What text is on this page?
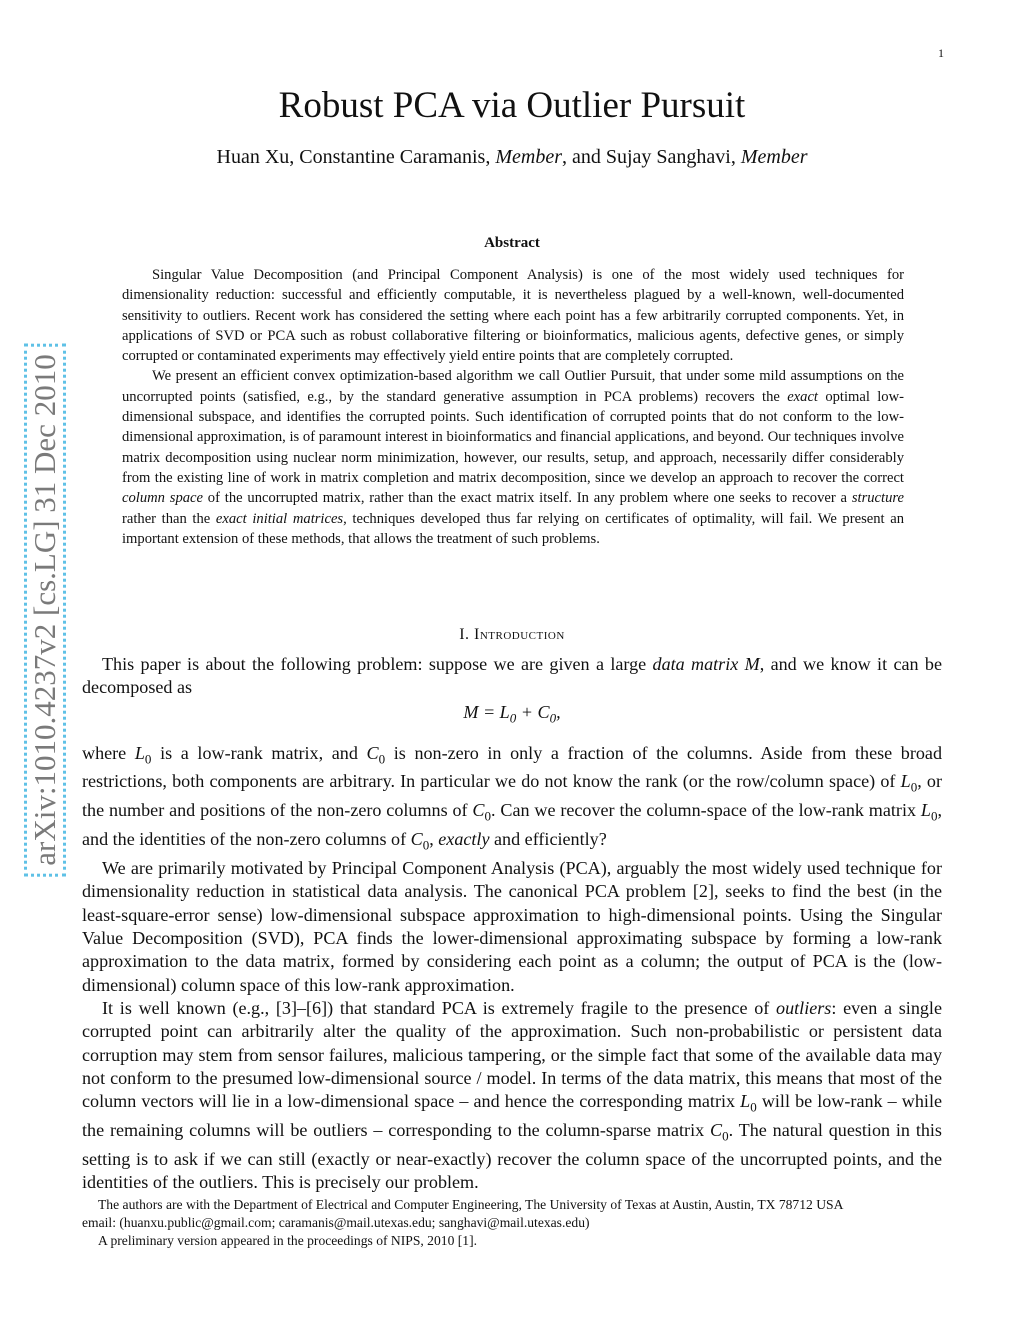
1
arXiv:1010.4237v2 [cs.LG] 31 Dec 2010
Robust PCA via Outlier Pursuit
Huan Xu, Constantine Caramanis, Member, and Sujay Sanghavi, Member
Abstract

Singular Value Decomposition (and Principal Component Analysis) is one of the most widely used techniques for dimensionality reduction: successful and efficiently computable, it is nevertheless plagued by a well-known, well-documented sensitivity to outliers. Recent work has considered the setting where each point has a few arbitrarily corrupted components. Yet, in applications of SVD or PCA such as robust collaborative filtering or bioinformatics, malicious agents, defective genes, or simply corrupted or contaminated experiments may effectively yield entire points that are completely corrupted.

We present an efficient convex optimization-based algorithm we call Outlier Pursuit, that under some mild assumptions on the uncorrupted points (satisfied, e.g., by the standard generative assumption in PCA problems) recovers the exact optimal low-dimensional subspace, and identifies the corrupted points. Such identification of corrupted points that do not conform to the low-dimensional approximation, is of paramount interest in bioinformatics and financial applications, and beyond. Our techniques involve matrix decomposition using nuclear norm minimization, however, our results, setup, and approach, necessarily differ considerably from the existing line of work in matrix completion and matrix decomposition, since we develop an approach to recover the correct column space of the uncorrupted matrix, rather than the exact matrix itself. In any problem where one seeks to recover a structure rather than the exact initial matrices, techniques developed thus far relying on certificates of optimality, will fail. We present an important extension of these methods, that allows the treatment of such problems.

I. Introduction

This paper is about the following problem: suppose we are given a large data matrix M, and we know it can be decomposed as

$M = L_0 + C_0$,

where $L_0$ is a low-rank matrix, and $C_0$ is non-zero in only a fraction of the columns. Aside from these broad restrictions, both components are arbitrary. In particular we do not know the rank (or the row/column space) of $L_0$, or the number and positions of the non-zero columns of $C_0$. Can we recover the column-space of the low-rank matrix $L_0$, and the identities of the non-zero columns of $C_0$, exactly and efficiently?

We are primarily motivated by Principal Component Analysis (PCA), arguably the most widely used technique for dimensionality reduction in statistical data analysis. The canonical PCA problem [2], seeks to find the best (in the least-square-error sense) low-dimensional subspace approximation to high-dimensional points. Using the Singular Value Decomposition (SVD), PCA finds the lower-dimensional approximating subspace by forming a low-rank approximation to the data matrix, formed by considering each point as a column; the output of PCA is the (low-dimensional) column space of this low-rank approximation.

It is well known (e.g., [3]–[6]) that standard PCA is extremely fragile to the presence of outliers: even a single corrupted point can arbitrarily alter the quality of the approximation. Such non-probabilistic or persistent data corruption may stem from sensor failures, malicious tampering, or the simple fact that some of the available data may not conform to the presumed low-dimensional source / model. In terms of the data matrix, this means that most of the column vectors will lie in a low-dimensional space – and hence the corresponding matrix $L_0$ will be low-rank – while the remaining columns will be outliers – corresponding to the column-sparse matrix $C_0$. The natural question in this setting is to ask if we can still (exactly or near-exactly) recover the column space of the uncorrupted points, and the identities of the outliers. This is precisely our problem.

The authors are with the Department of Electrical and Computer Engineering, The University of Texas at Austin, Austin, TX 78712 USA

email: (huanxu.public@gmail.com; caramanis@mail.utexas.edu; sanghavi@mail.utexas.edu)

A preliminary version appeared in the proceedings of NIPS, 2010 [1].
